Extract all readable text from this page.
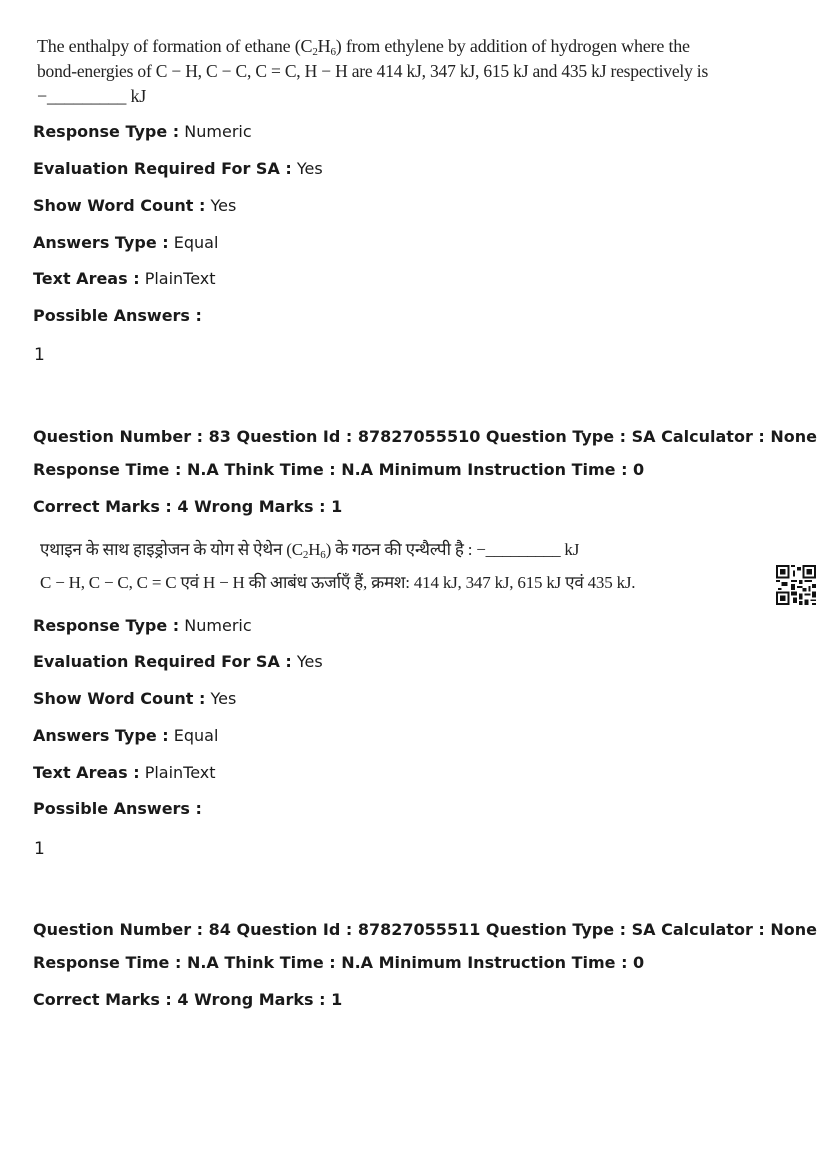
The enthalpy of formation of ethane $(C_2H_6)$ from ethylene by addition of hydrogen where the
bond-energies of C − H, C − C, C = C, H − H are 414 kJ, 347 kJ, 615 kJ and 435 kJ respectively is
−_________ kJ
Response Type : Numeric
Evaluation Required For SA : Yes
Show Word Count : Yes
Answers Type : Equal
Text Areas : PlainText
Possible Answers :
1
Question Number : 83 Question Id : 87827055510 Question Type : SA Calculator : None
Response Time : N.A Think Time : N.A Minimum Instruction Time : 0
Correct Marks : 4 Wrong Marks : 1
एथाइन के साथ हाइड्रोजन के योग से ऐथेन $(C_2H_6)$ के गठन की एन्थैल्पी है : −_________ kJ
C − H, C − C, C = C एवं H − H की आबंध ऊर्जाएँ हैं, क्रमश: 414 kJ, 347 kJ, 615 kJ एवं 435 kJ.
Response Type : Numeric
Evaluation Required For SA : Yes
Show Word Count : Yes
Answers Type : Equal
Text Areas : PlainText
Possible Answers :
1
Question Number : 84 Question Id : 87827055511 Question Type : SA Calculator : None
Response Time : N.A Think Time : N.A Minimum Instruction Time : 0
Correct Marks : 4 Wrong Marks : 1
